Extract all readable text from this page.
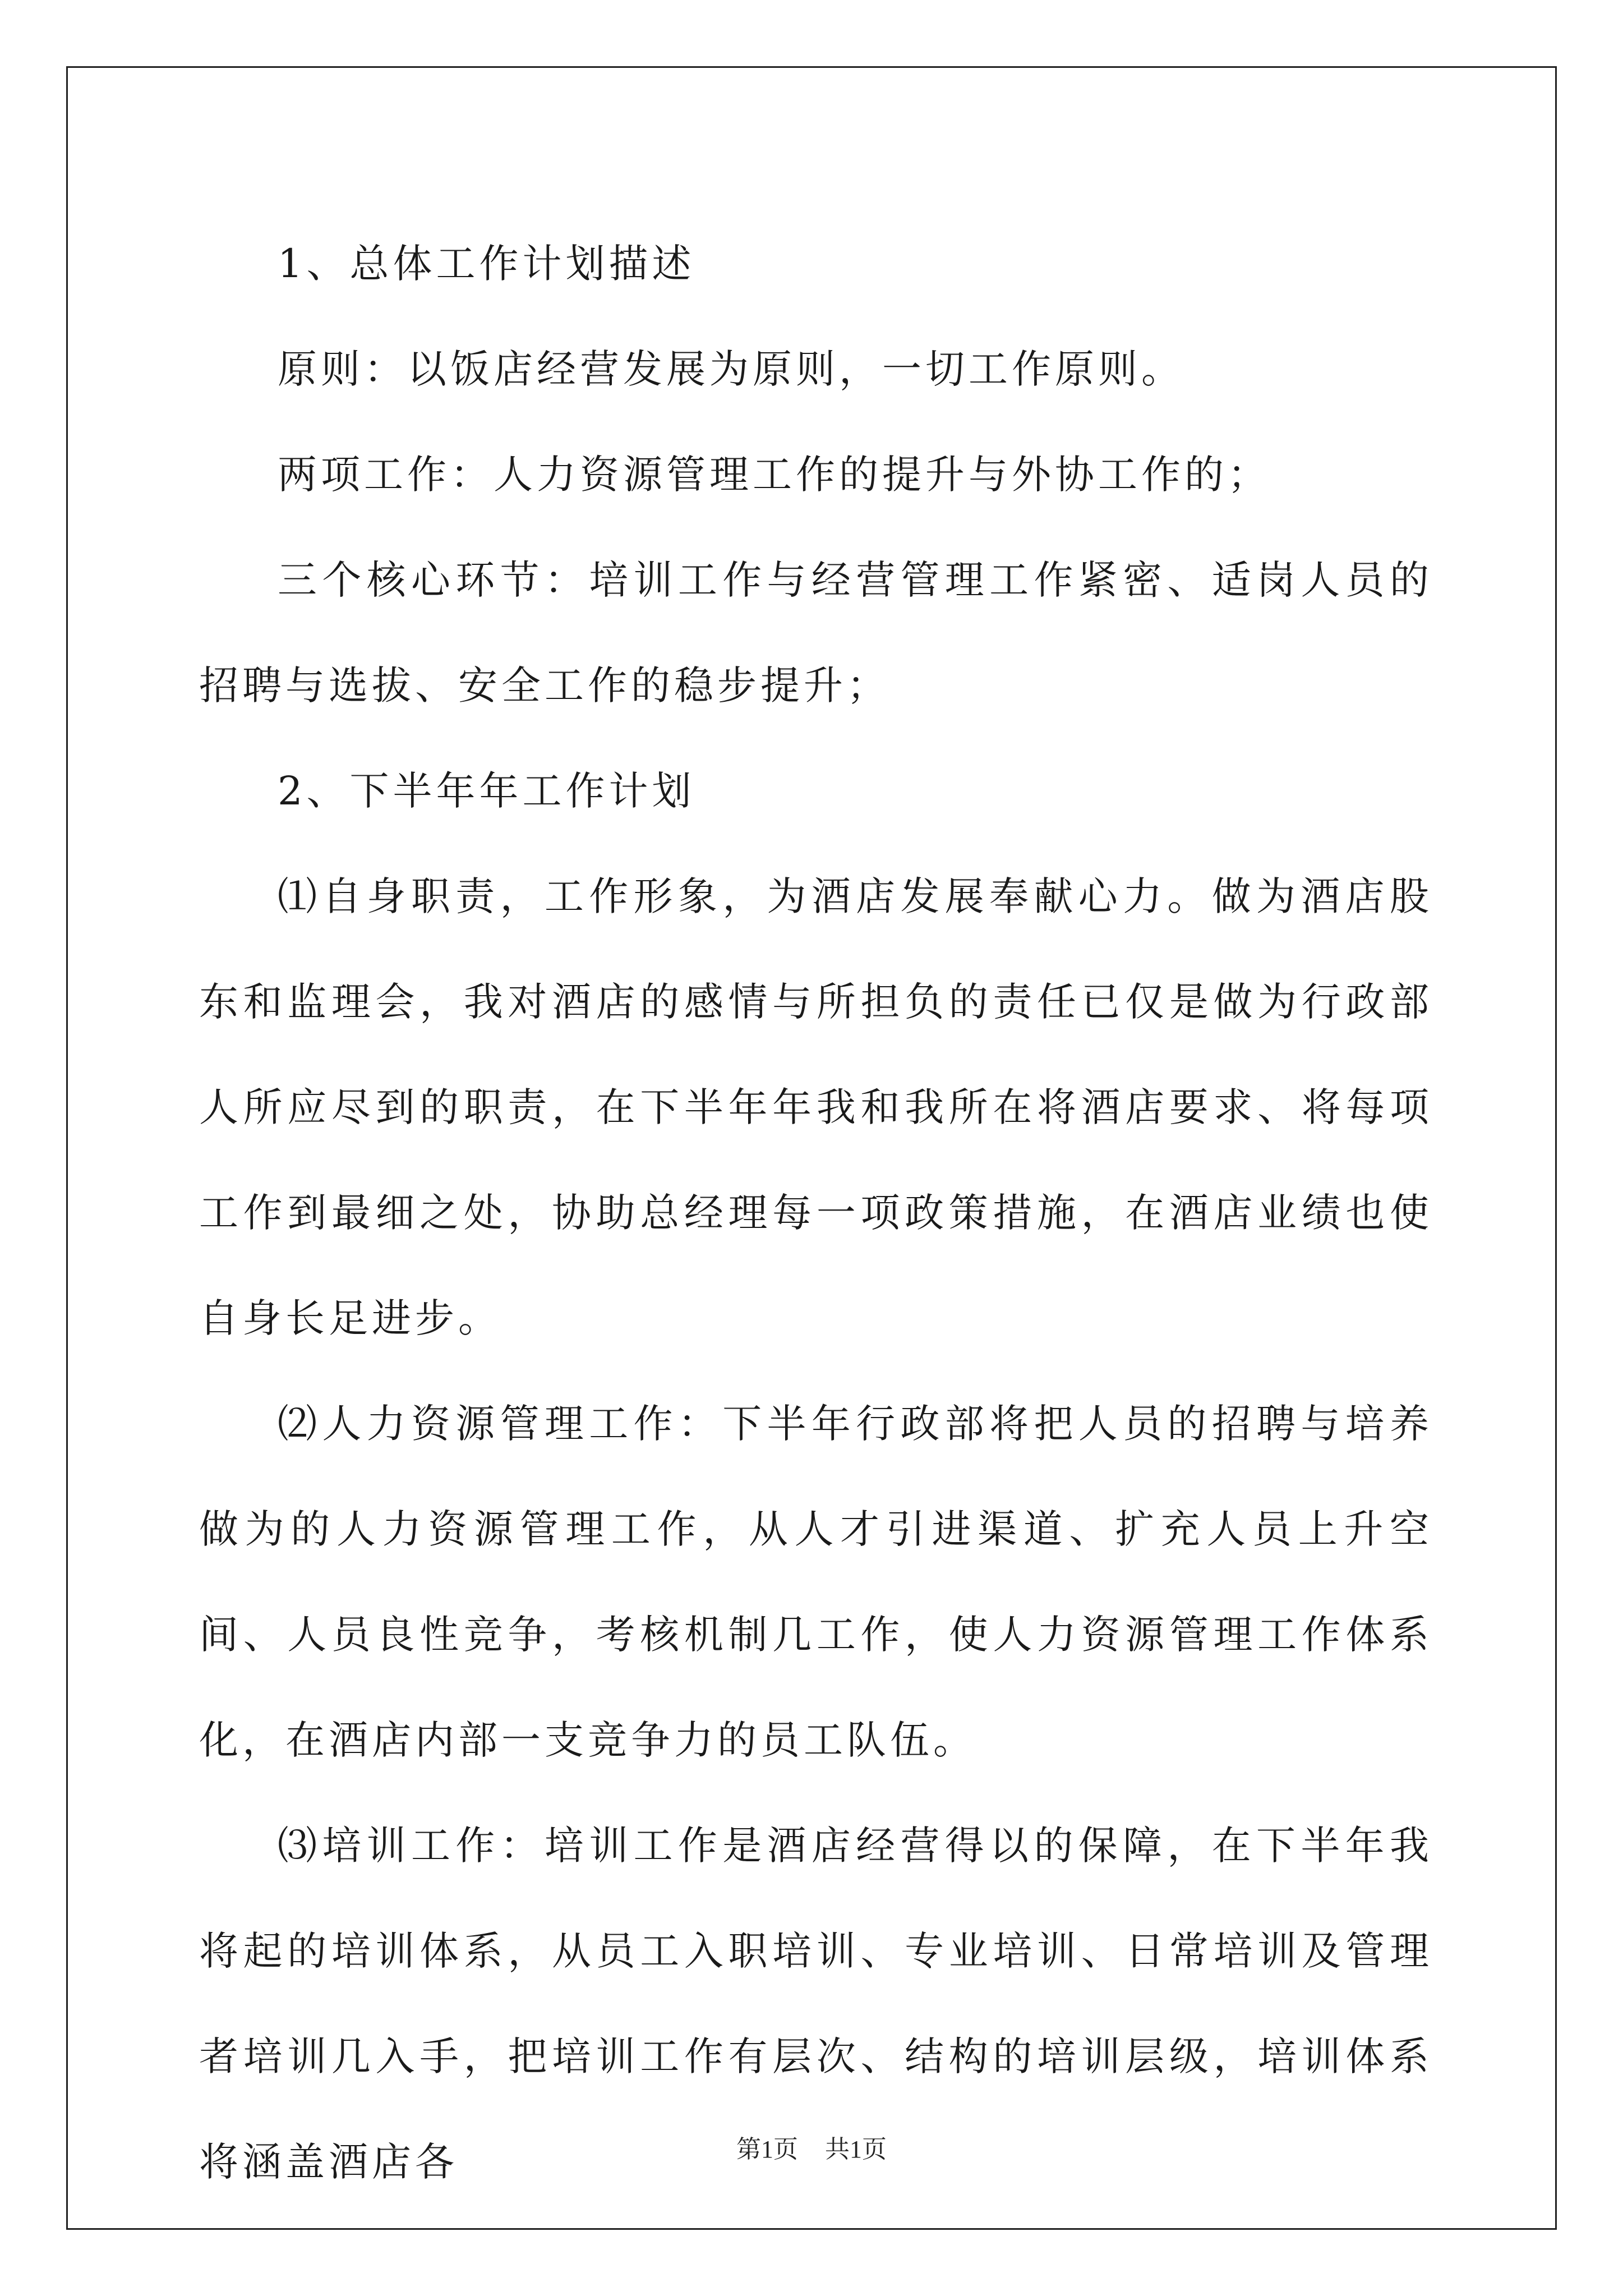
1、总体工作计划描述

原则：以饭店经营发展为原则，一切工作原则。

两项工作：人力资源管理工作的提升与外协工作的；

三个核心环节：培训工作与经营管理工作紧密、适岗人员的招聘与选拔、安全工作的稳步提升；

2、下半年年工作计划

⑴自身职责，工作形象，为酒店发展奉献心力。做为酒店股东和监理会，我对酒店的感情与所担负的责任已仅是做为行政部人所应尽到的职责，在下半年年我和我所在将酒店要求、将每项工作到最细之处，协助总经理每一项政策措施，在酒店业绩也使自身长足进步。

⑵人力资源管理工作：下半年行政部将把人员的招聘与培养做为的人力资源管理工作，从人才引进渠道、扩充人员上升空间、人员良性竞争，考核机制几工作，使人力资源管理工作体系化，在酒店内部一支竞争力的员工队伍。

⑶培训工作：培训工作是酒店经营得以的保障，在下半年我将起的培训体系，从员工入职培训、专业培训、日常培训及管理者培训几入手，把培训工作有层次、结构的培训层级，培训体系将涵盖酒店各	第1页 共1页
